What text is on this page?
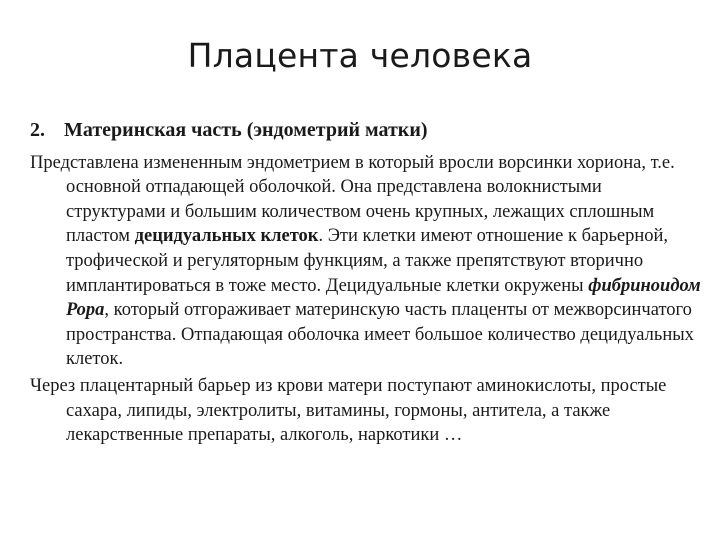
Плацента человека
2. Материнская часть (эндометрий матки)

Представлена измененным эндометрием в который вросли ворсинки хориона, т.е. основной отпадающей оболочкой. Она представлена волокнистыми структурами и большим количеством очень крупных, лежащих сплошным пластом децидуальных клеток. Эти клетки имеют отношение к барьерной, трофической и регуляторным функциям, а также препятствуют вторично имплантироваться в тоже место. Децидуальные клетки окружены фибриноидом Рора, который отгораживает материнскую часть плаценты от межворсинчатого пространства. Отпадающая оболочка имеет большое количество децидуальных клеток.

Через плацентарный барьер из крови матери поступают аминокислоты, простые сахара, липиды, электролиты, витамины, гормоны, антитела, а также лекарственные препараты, алкоголь, наркотики …
